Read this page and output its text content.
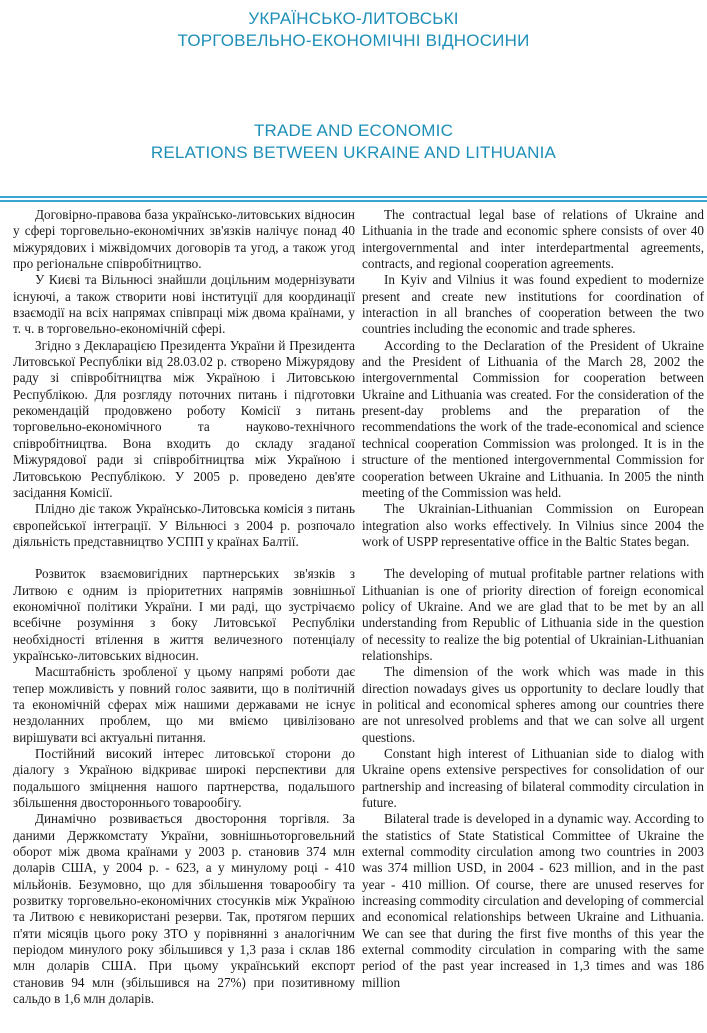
УКРАЇНСЬКО-ЛИТОВСЬКІ
ТОРГОВЕЛЬНО-ЕКОНОМІЧНІ ВІДНОСИНИ
TRADE AND ECONOMIC
RELATIONS BETWEEN UKRAINE AND LITHUANIA

Договірно-правова база українсько-литовських відносин у сфері торговельно-економічних зв'язків налічує понад 40 міжурядових і міжвідомчих договорів та угод, а також угод про регіональне співробітництво.

У Києві та Вільнюсі знайшли доцільним модернізувати існуючі, а також створити нові інституції для координації взаємодії на всіх напрямах співпраці між двома країнами, у т. ч. в торговельно-економічній сфері.

Згідно з Декларацією Президента України й Президента Литовської Республіки від 28.03.02 р. створено Міжурядову раду зі співробітництва між Україною і Литовською Республікою. Для розгляду поточних питань і підготовки рекомендацій продовжено роботу Комісії з питань торговельно-економічного та науково-технічного співробітництва. Вона входить до складу згаданої Міжурядової ради зі співробітництва між Україною і Литовською Республікою. У 2005 р. проведено дев'яте засідання Комісії.

Плідно діє також Українсько-Литовська комісія з питань європейської інтеграції. У Вільнюсі з 2004 р. розпочало діяльність представництво УСПП у країнах Балтії.

Розвиток взаємовигідних партнерських зв'язків з Литвою є одним із пріоритетних напрямів зовнішньої економічної політики України. І ми раді, що зустрічаємо всебічне розуміння з боку Литовської Республіки необхідності втілення в життя величезного потенціалу українсько-литовських відносин.

Масштабність зробленої у цьому напрямі роботи дає тепер можливість у повний голос заявити, що в політичній та економічній сферах між нашими державами не існує нездоланних проблем, що ми вміємо цивілізовано вирішувати всі актуальні питання.

Постійний високий інтерес литовської сторони до діалогу з Україною відкриває широкі перспективи для подальшого зміцнення нашого партнерства, подальшого збільшення двостороннього товарообігу.

Динамічно розвивається двостороння торгівля. За даними Держкомстату України, зовнішньоторговельний оборот між двома країнами у 2003 р. становив 374 млн доларів США, у 2004 р. - 623, а у минулому році - 410 мільйонів. Безумовно, що для збільшення товарообігу та розвитку торговельно-економічних стосунків між Україною та Литвою є невикористані резерви. Так, протягом перших п'яти місяців цього року ЗТО у порівнянні з аналогічним періодом минулого року збільшився у 1,3 раза і склав 186 млн доларів США. При цьому український експорт становив 94 млн (збільшився на 27%) при позитивному сальдо в 1,6 млн доларів.

The contractual legal base of relations of Ukraine and Lithuania in the trade and economic sphere consists of over 40 intergovernmental and inter interdepartmental agreements, contracts, and regional cooperation agreements.

In Kyiv and Vilnius it was found expedient to modernize present and create new institutions for coordination of interaction in all branches of cooperation between the two countries including the economic and trade spheres.

According to the Declaration of the President of Ukraine and the President of Lithuania of the March 28, 2002 the intergovernmental Commission for cooperation between Ukraine and Lithuania was created. For the consideration of the present-day problems and the preparation of the recommendations the work of the trade-economical and science technical cooperation Commission was prolonged. It is in the structure of the mentioned intergovernmental Commission for cooperation between Ukraine and Lithuania. In 2005 the ninth meeting of the Commission was held.

The Ukrainian-Lithuanian Commission on European integration also works effectively. In Vilnius since 2004 the work of USPP representative office in the Baltic States began.

The developing of mutual profitable partner relations with Lithuanian is one of priority direction of foreign economical policy of Ukraine. And we are glad that to be met by an all understanding from Republic of Lithuania side in the question of necessity to realize the big potential of Ukrainian-Lithuanian relationships.

The dimension of the work which was made in this direction nowadays gives us opportunity to declare loudly that in political and economical spheres among our countries there are not unresolved problems and that we can solve all urgent questions.

Constant high interest of Lithuanian side to dialog with Ukraine opens extensive perspectives for consolidation of our partnership and increasing of bilateral commodity circulation in future.

Bilateral trade is developed in a dynamic way. According to the statistics of State Statistical Committee of Ukraine the external commodity circulation among two countries in 2003 was 374 million USD, in 2004 - 623 million, and in the past year - 410 million. Of course, there are unused reserves for increasing commodity circulation and developing of commercial and economical relationships between Ukraine and Lithuania. We can see that during the first five months of this year the external commodity circulation in comparing with the same period of the past year increased in 1,3 times and was 186 million
